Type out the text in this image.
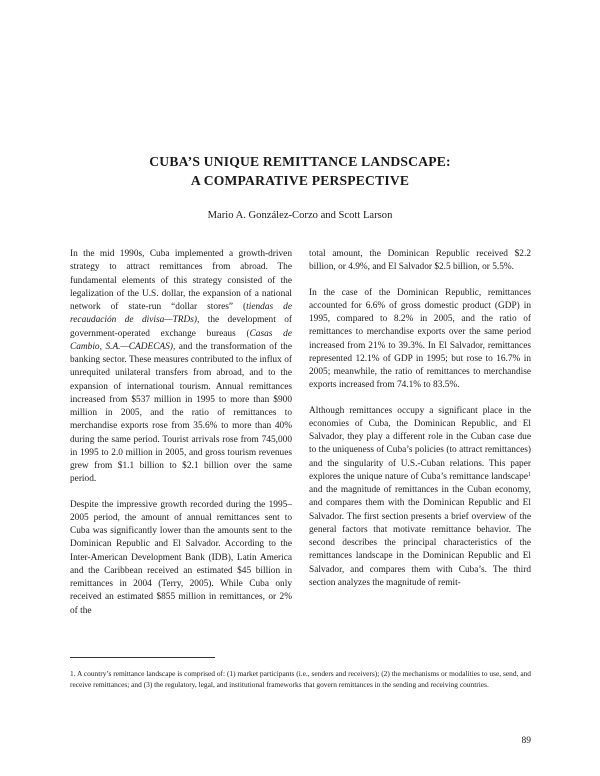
CUBA’S UNIQUE REMITTANCE LANDSCAPE:
A COMPARATIVE PERSPECTIVE
Mario A. González-Corzo and Scott Larson

In the mid 1990s, Cuba implemented a growth-driven strategy to attract remittances from abroad. The fundamental elements of this strategy consisted of the legalization of the U.S. dollar, the expansion of a national network of state-run “dollar stores” (tiendas de recaudación de divisa—TRDs), the development of government-operated exchange bureaus (Casas de Cambio, S.A.—CADECAS), and the transformation of the banking sector. These measures contributed to the influx of unrequited unilateral transfers from abroad, and to the expansion of international tourism. Annual remittances increased from $537 million in 1995 to more than $900 million in 2005, and the ratio of remittances to merchandise exports rose from 35.6% to more than 40% during the same period. Tourist arrivals rose from 745,000 in 1995 to 2.0 million in 2005, and gross tourism revenues grew from $1.1 billion to $2.1 billion over the same period.

Despite the impressive growth recorded during the 1995–2005 period, the amount of annual remittances sent to Cuba was significantly lower than the amounts sent to the Dominican Republic and El Salvador. According to the Inter-American Development Bank (IDB), Latin America and the Caribbean received an estimated $45 billion in remittances in 2004 (Terry, 2005). While Cuba only received an estimated $855 million in remittances, or 2% of the

total amount, the Dominican Republic received $2.2 billion, or 4.9%, and El Salvador $2.5 billion, or 5.5%.

In the case of the Dominican Republic, remittances accounted for 6.6% of gross domestic product (GDP) in 1995, compared to 8.2% in 2005, and the ratio of remittances to merchandise exports over the same period increased from 21% to 39.3%. In El Salvador, remittances represented 12.1% of GDP in 1995; but rose to 16.7% in 2005; meanwhile, the ratio of remittances to merchandise exports increased from 74.1% to 83.5%.

Although remittances occupy a significant place in the economies of Cuba, the Dominican Republic, and El Salvador, they play a different role in the Cuban case due to the uniqueness of Cuba’s policies (to attract remittances) and the singularity of U.S.-Cuban relations. This paper explores the unique nature of Cuba’s remittance landscape$^1$ and the magnitude of remittances in the Cuban economy, and compares them with the Dominican Republic and El Salvador. The first section presents a brief overview of the general factors that motivate remittance behavior. The second describes the principal characteristics of the remittances landscape in the Dominican Republic and El Salvador, and compares them with Cuba’s. The third section analyzes the magnitude of remit-

1. A country’s remittance landscape is comprised of: (1) market participants (i.e., senders and receivers); (2) the mechanisms or modalities to use, send, and receive remittances; and (3) the regulatory, legal, and institutional frameworks that govern remittances in the sending and receiving countries.
89
